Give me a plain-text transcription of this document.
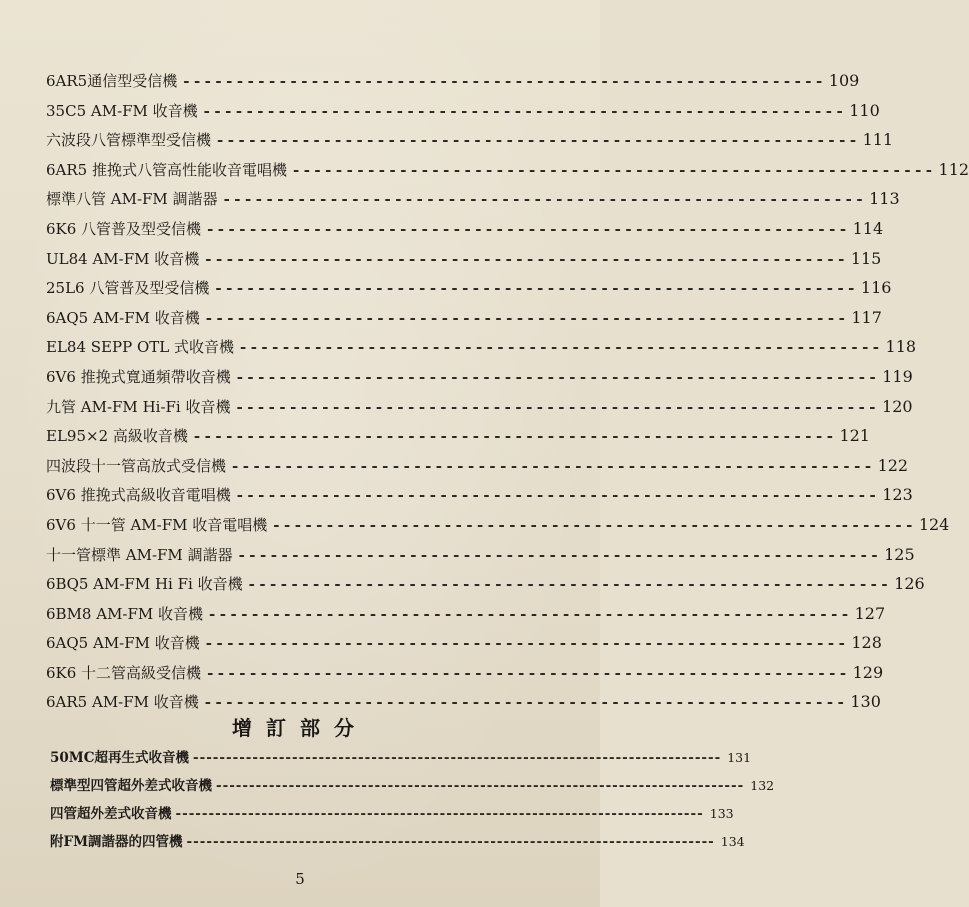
6AR5通信型受信機 ------------------------------------------------------------ 109
35C5 AM-FM 收音機 ------------------------------------------------------------ 110
六波段八管標準型受信機 ------------------------------------------------------------ 111
6AR5 推挽式八管高性能收音電唱機 ------------------------------------------------------------ 112
標準八管 AM-FM 調諧器 ------------------------------------------------------------ 113
6K6 八管普及型受信機 ------------------------------------------------------------ 114
UL84 AM-FM 收音機 ------------------------------------------------------------ 115
25L6 八管普及型受信機 ------------------------------------------------------------ 116
6AQ5 AM-FM 收音機 ------------------------------------------------------------ 117
EL84 SEPP OTL 式收音機 ------------------------------------------------------------ 118
6V6 推挽式寬通頻帶收音機 ------------------------------------------------------------ 119
九管 AM-FM Hi-Fi 收音機 ------------------------------------------------------------ 120
EL95×2 高級收音機 ------------------------------------------------------------ 121
四波段十一管高放式受信機 ------------------------------------------------------------ 122
6V6 推挽式高級收音電唱機 ------------------------------------------------------------ 123
6V6 十一管 AM-FM 收音電唱機 ------------------------------------------------------------ 124
十一管標準 AM-FM 調諧器 ------------------------------------------------------------ 125
6BQ5 AM-FM Hi Fi 收音機 ------------------------------------------------------------ 126
6BM8 AM-FM 收音機 ------------------------------------------------------------ 127
6AQ5 AM-FM 收音機 ------------------------------------------------------------ 128
6K6 十二管高級受信機 ------------------------------------------------------------ 129
6AR5 AM-FM 收音機 ------------------------------------------------------------ 130
增訂部分
50MC超再生式收音機 -------------------------------------------------------------------------------- 131
標準型四管超外差式收音機 -------------------------------------------------------------------------------- 132
四管超外差式收音機 -------------------------------------------------------------------------------- 133
附FM調諧器的四管機 -------------------------------------------------------------------------------- 134
5
